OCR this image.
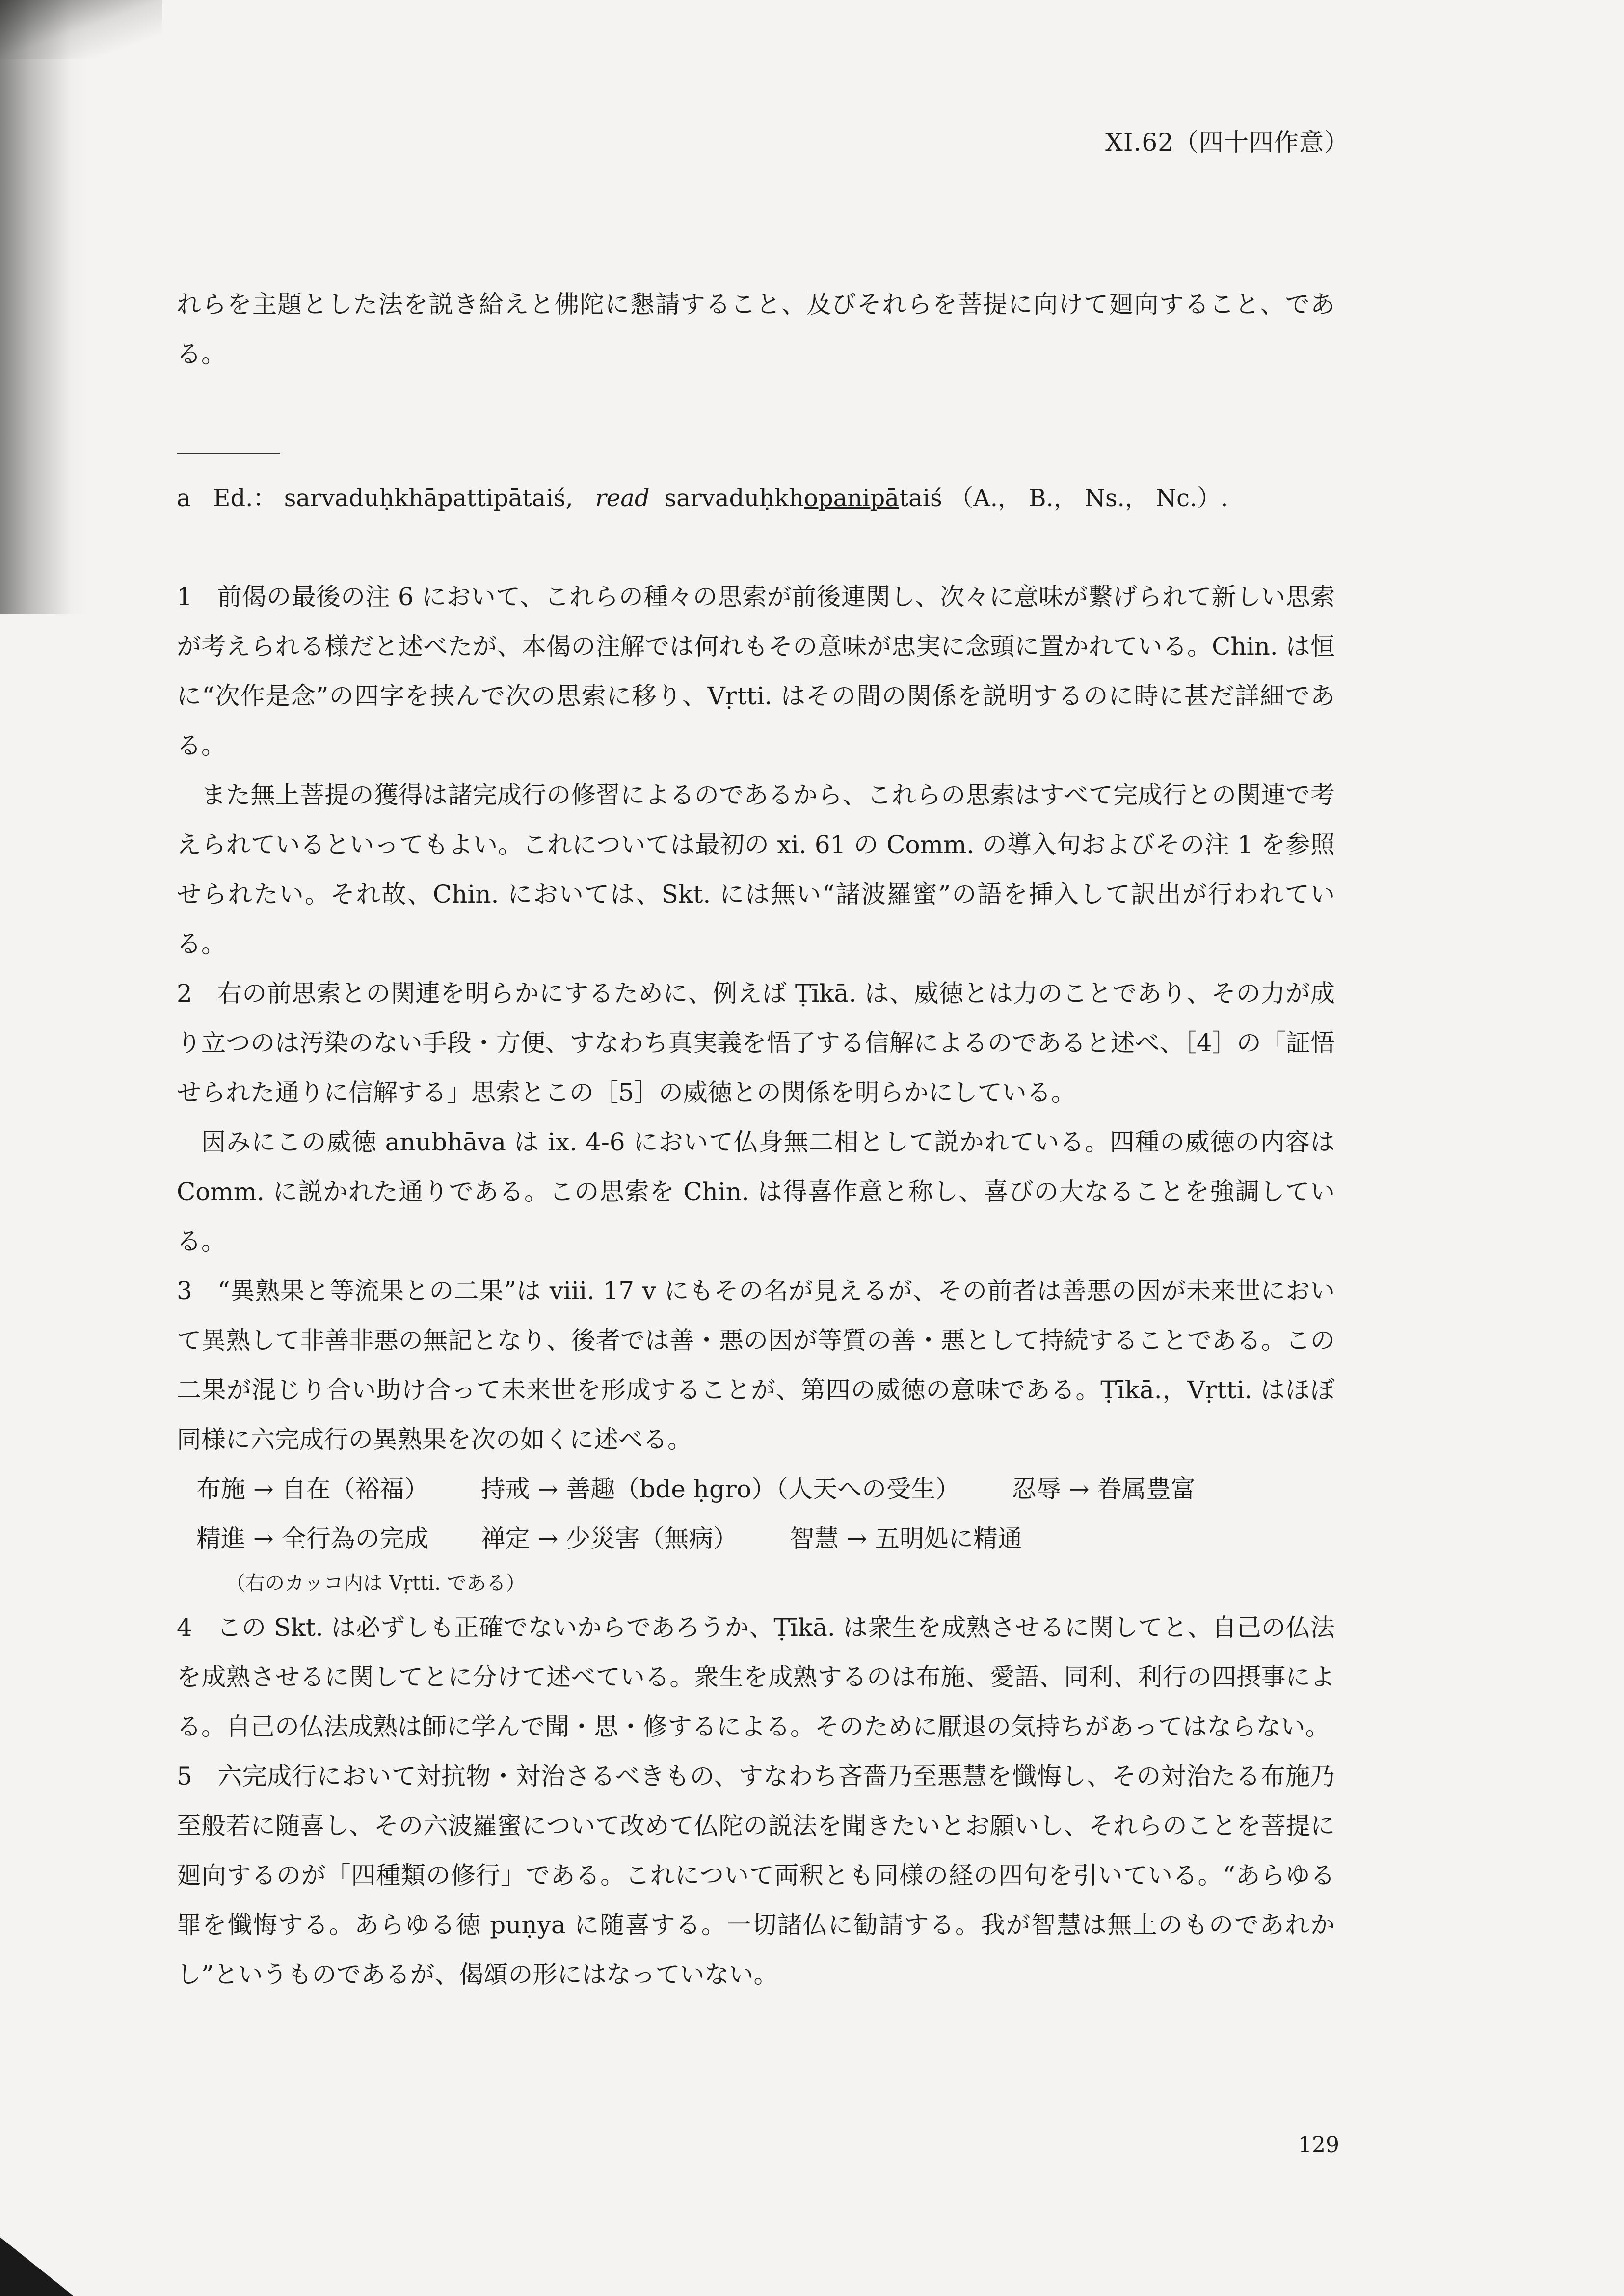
XI.62（四十四作意）

れらを主題とした法を説き給えと佛陀に懇請すること、及びそれらを菩提に向けて廻向すること、である。

a Ed.： sarvaduḥkhāpattipātaiś, read sarvaduḥkhopanipātaiś （A.， B.， Ns.， Nc.）.

1　前偈の最後の注 6 において、これらの種々の思索が前後連関し、次々に意味が繋げられて新しい思索が考えられる様だと述べたが、本偈の注解では何れもその意味が忠実に念頭に置かれている。Chin. は恒に“次作是念”の四字を挟んで次の思索に移り、Vṛtti. はその間の関係を説明するのに時に甚だ詳細である。

また無上菩提の獲得は諸完成行の修習によるのであるから、これらの思索はすべて完成行との関連で考えられているといってもよい。これについては最初の xi. 61 の Comm. の導入句およびその注 1 を参照せられたい。それ故、Chin. においては、Skt. には無い“諸波羅蜜”の語を挿入して訳出が行われている。

2　右の前思索との関連を明らかにするために、例えば Ṭīkā. は、威徳とは力のことであり、その力が成り立つのは汚染のない手段・方便、すなわち真実義を悟了する信解によるのであると述べ、［4］の「証悟せられた通りに信解する」思索とこの［5］の威徳との関係を明らかにしている。

因みにこの威徳 anubhāva は ix. 4-6 において仏身無二相として説かれている。四種の威徳の内容は Comm. に説かれた通りである。この思索を Chin. は得喜作意と称し、喜びの大なることを強調している。

3　“異熟果と等流果との二果”は viii. 17 v にもその名が見えるが、その前者は善悪の因が未来世において異熟して非善非悪の無記となり、後者では善・悪の因が等質の善・悪として持続することである。この二果が混じり合い助け合って未来世を形成することが、第四の威徳の意味である。Ṭīkā.，Vṛtti. はほぼ同様に六完成行の異熟果を次の如くに述べる。

布施 → 自在（裕福） 持戒 → 善趣（bde ḥgro）（人天への受生） 忍辱 → 眷属豊富

精進 → 全行為の完成 禅定 → 少災害（無病） 智慧 → 五明処に精通

（右のカッコ内は Vṛtti. である）

4　この Skt. は必ずしも正確でないからであろうか、Ṭīkā. は衆生を成熟させるに関してと、自己の仏法を成熟させるに関してとに分けて述べている。衆生を成熟するのは布施、愛語、同利、利行の四摂事による。自己の仏法成熟は師に学んで聞・思・修するによる。そのために厭退の気持ちがあってはならない。

5　六完成行において対抗物・対治さるべきもの、すなわち吝嗇乃至悪慧を懺悔し、その対治たる布施乃至般若に随喜し、その六波羅蜜について改めて仏陀の説法を聞きたいとお願いし、それらのことを菩提に廻向するのが「四種類の修行」である。これについて両釈とも同様の経の四句を引いている。“あらゆる罪を懺悔する。あらゆる徳 puṇya に随喜する。一切諸仏に勧請する。我が智慧は無上のものであれかし”というものであるが、偈頌の形にはなっていない。

129
